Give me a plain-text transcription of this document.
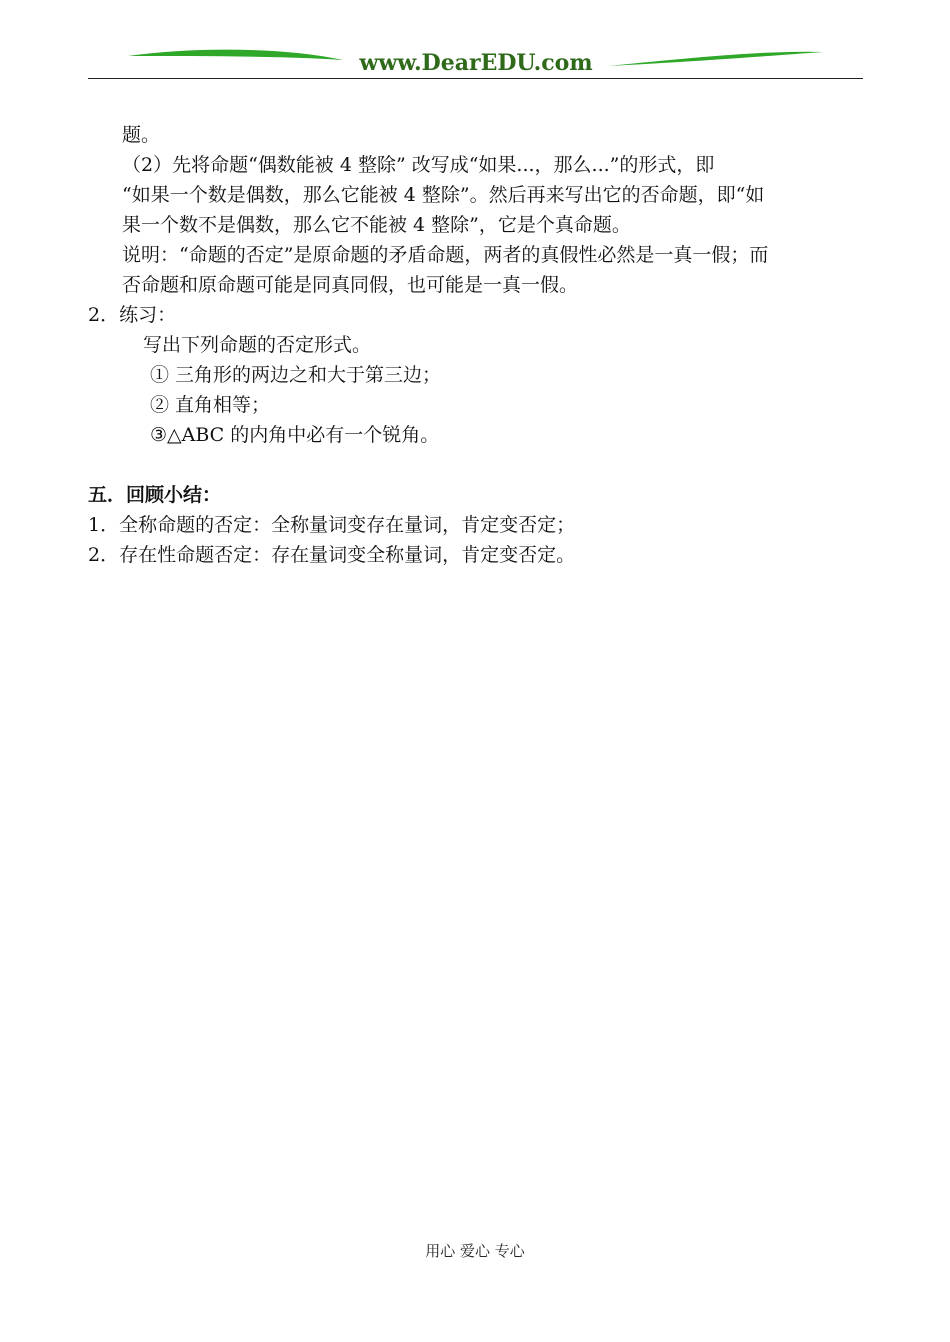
www.DearEDU.com
题。
（2）先将命题“偶数能被 4 整除” 改写成“如果...，那么...”的形式，即
“如果一个数是偶数，那么它能被 4 整除”。然后再来写出它的否命题，即“如
果一个数不是偶数，那么它不能被 4 整除”，它是个真命题。
说明：“命题的否定”是原命题的矛盾命题，两者的真假性必然是一真一假；而
否命题和原命题可能是同真同假，也可能是一真一假。
2．练习：
写出下列命题的否定形式。
① 三角形的两边之和大于第三边；
② 直角相等；
③△ABC 的内角中必有一个锐角。
五．回顾小结：
1．全称命题的否定：全称量词变存在量词，肯定变否定；
2．存在性命题否定：存在量词变全称量词，肯定变否定。
用心 爱心 专心
